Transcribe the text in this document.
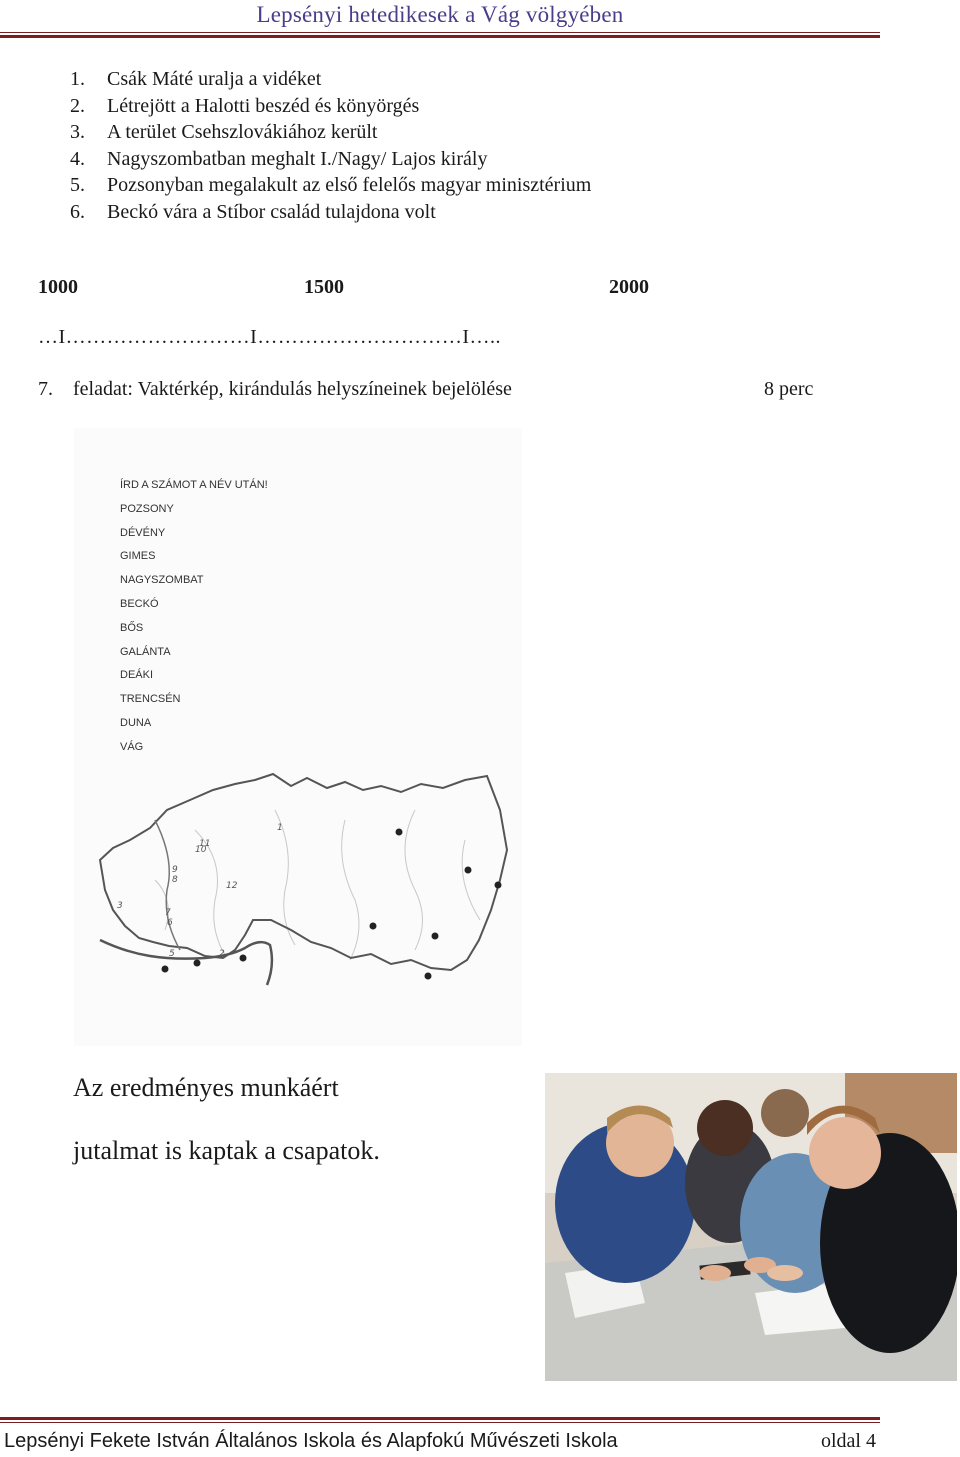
Lepsényi hetedikesek a Vág völgyében
1. Csák Máté uralja a vidéket
2. Létrejött a Halotti beszéd és könyörgés
3. A terület Csehszlovákiához került
4. Nagyszombatban meghalt I./Nagy/ Lajos király
5. Pozsonyban megalakult az első felelős magyar minisztérium
6. Beckó vára a Stíbor család tulajdona volt
1000	1500	2000
…I………………………I…………………………I…..
7. feladat: Vaktérkép, kirándulás helyszíneinek bejelölése	8 perc
ÍRD A SZÁMOT A NÉV UTÁN!
POZSONY
DÉVÉNY
GIMES
NAGYSZOMBAT
BECKÓ
BŐS
GALÁNTA
DEÁKI
TRENCSÉN
DUNA
VÁG
1
2
3
5
6
7
8
9
10
11
12
Az eredményes munkáért
jutalmat is kaptak a csapatok.
Lepsényi Fekete István Általános Iskola és Alapfokú Művészeti Iskola	oldal 4
